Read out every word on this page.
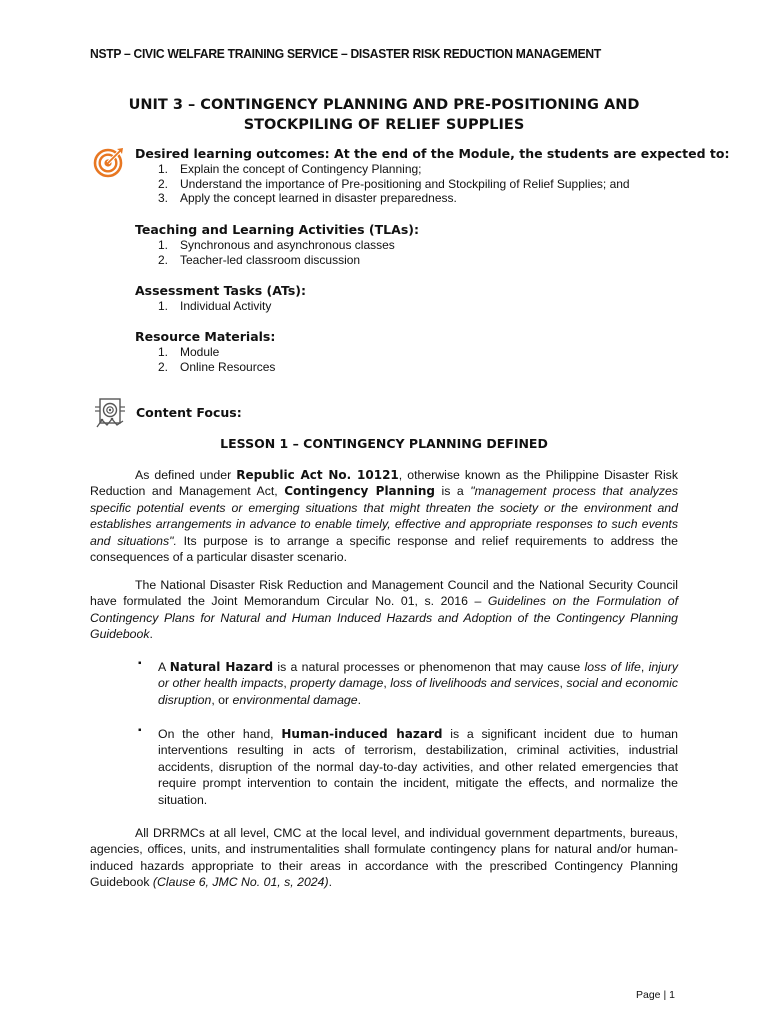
NSTP – CIVIC WELFARE TRAINING SERVICE – DISASTER RISK REDUCTION MANAGEMENT
UNIT 3 – CONTINGENCY PLANNING AND PRE-POSITIONING AND
STOCKPILING OF RELIEF SUPPLIES
Desired learning outcomes: At the end of the Module, the students are expected to:
1. Explain the concept of Contingency Planning;
2. Understand the importance of Pre-positioning and Stockpiling of Relief Supplies; and
3. Apply the concept learned in disaster preparedness.
Teaching and Learning Activities (TLAs):
1. Synchronous and asynchronous classes
2. Teacher-led classroom discussion
Assessment Tasks (ATs):
1. Individual Activity
Resource Materials:
1. Module
2. Online Resources
Content Focus:
LESSON 1 – CONTINGENCY PLANNING DEFINED

As defined under Republic Act No. 10121, otherwise known as the Philippine Disaster Risk Reduction and Management Act, Contingency Planning is a "management process that analyzes specific potential events or emerging situations that might threaten the society or the environment and establishes arrangements in advance to enable timely, effective and appropriate responses to such events and situations". Its purpose is to arrange a specific response and relief requirements to address the consequences of a particular disaster scenario.

The National Disaster Risk Reduction and Management Council and the National Security Council have formulated the Joint Memorandum Circular No. 01, s. 2016 – Guidelines on the Formulation of Contingency Plans for Natural and Human Induced Hazards and Adoption of the Contingency Planning Guidebook.

▪ A Natural Hazard is a natural processes or phenomenon that may cause loss of life, injury or other health impacts, property damage, loss of livelihoods and services, social and economic disruption, or environmental damage.

▪ On the other hand, Human-induced hazard is a significant incident due to human interventions resulting in acts of terrorism, destabilization, criminal activities, industrial accidents, disruption of the normal day-to-day activities, and other related emergencies that require prompt intervention to contain the incident, mitigate the effects, and normalize the situation.

All DRRMCs at all level, CMC at the local level, and individual government departments, bureaus, agencies, offices, units, and instrumentalities shall formulate contingency plans for natural and/or human-induced hazards appropriate to their areas in accordance with the prescribed Contingency Planning Guidebook (Clause 6, JMC No. 01, s, 2024).

Page | 1
